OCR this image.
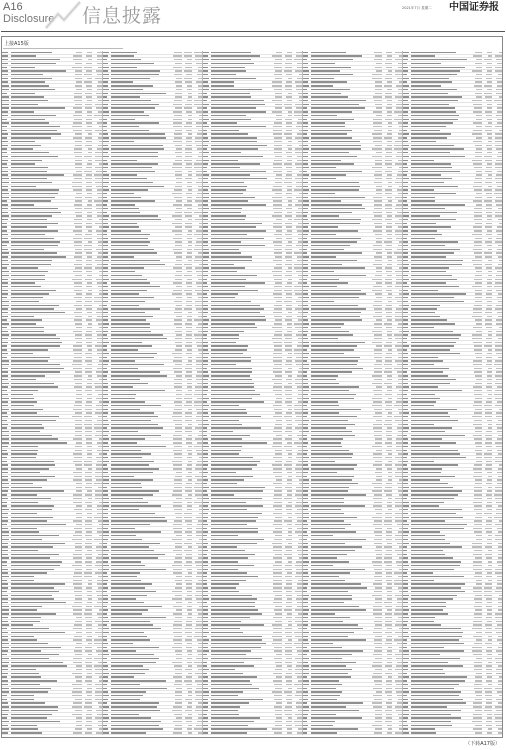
A16
Disclosure 信息披露	2021年7月 星期二 中国证券报
上接A15版
（下转A17版）
